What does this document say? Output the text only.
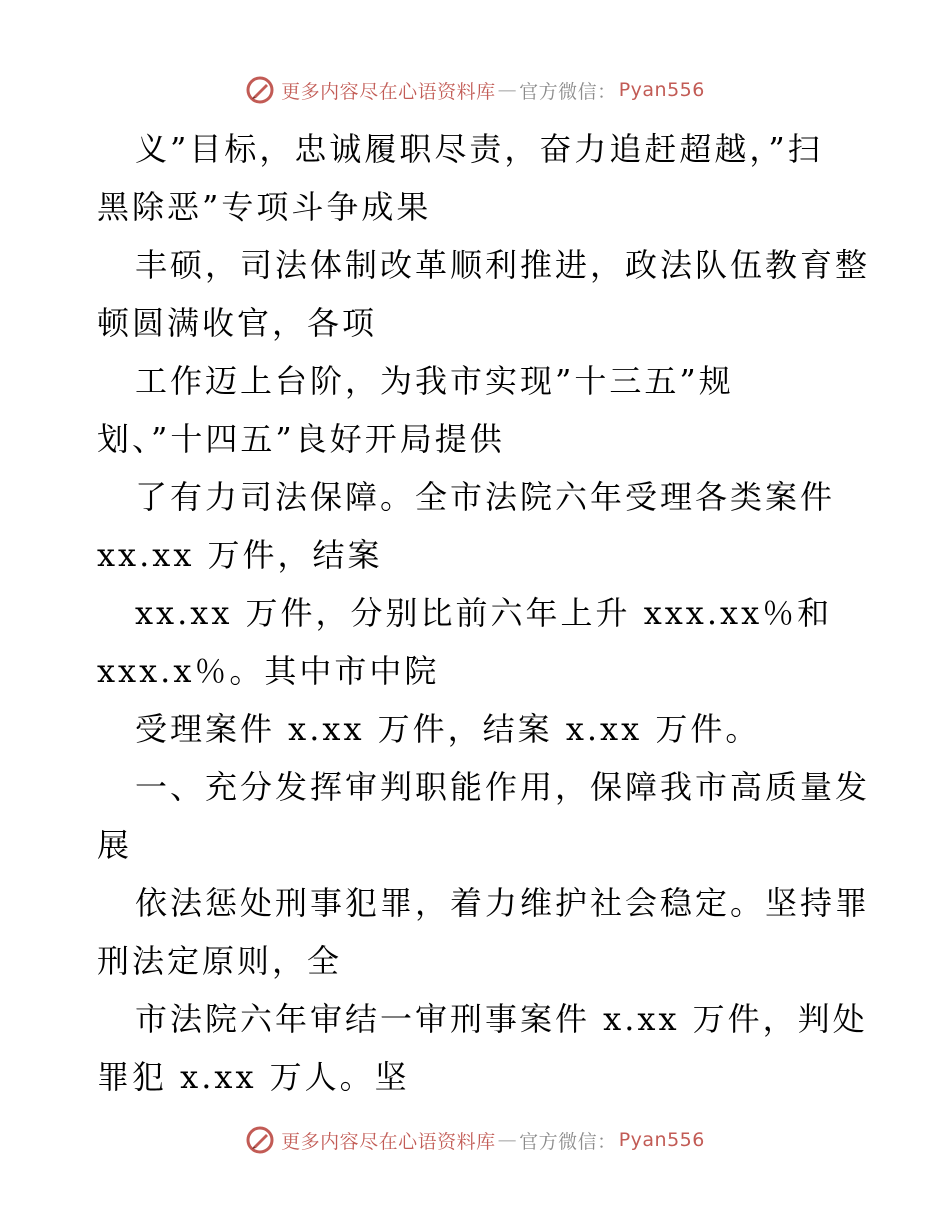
更多内容尽在心语资料库 — 官方微信： Pyan556
义”目标，忠诚履职尽责，奋力追赶超越，”扫
黑除恶”专项斗争成果
丰硕，司法体制改革顺利推进，政法队伍教育整
顿圆满收官，各项
工作迈上台阶，为我市实现”十三五”规
划、”十四五”良好开局提供
了有力司法保障。全市法院六年受理各类案件
xx.xx 万件，结案
xx.xx 万件，分别比前六年上升 xxx.xx％和
xxx.x％。其中市中院
受理案件 x.xx 万件，结案 x.xx 万件。
一、充分发挥审判职能作用，保障我市高质量发
展
依法惩处刑事犯罪，着力维护社会稳定。坚持罪
刑法定原则，全
市法院六年审结一审刑事案件 x.xx 万件，判处
罪犯 x.xx 万人。坚
更多内容尽在心语资料库 — 官方微信： Pyan556
